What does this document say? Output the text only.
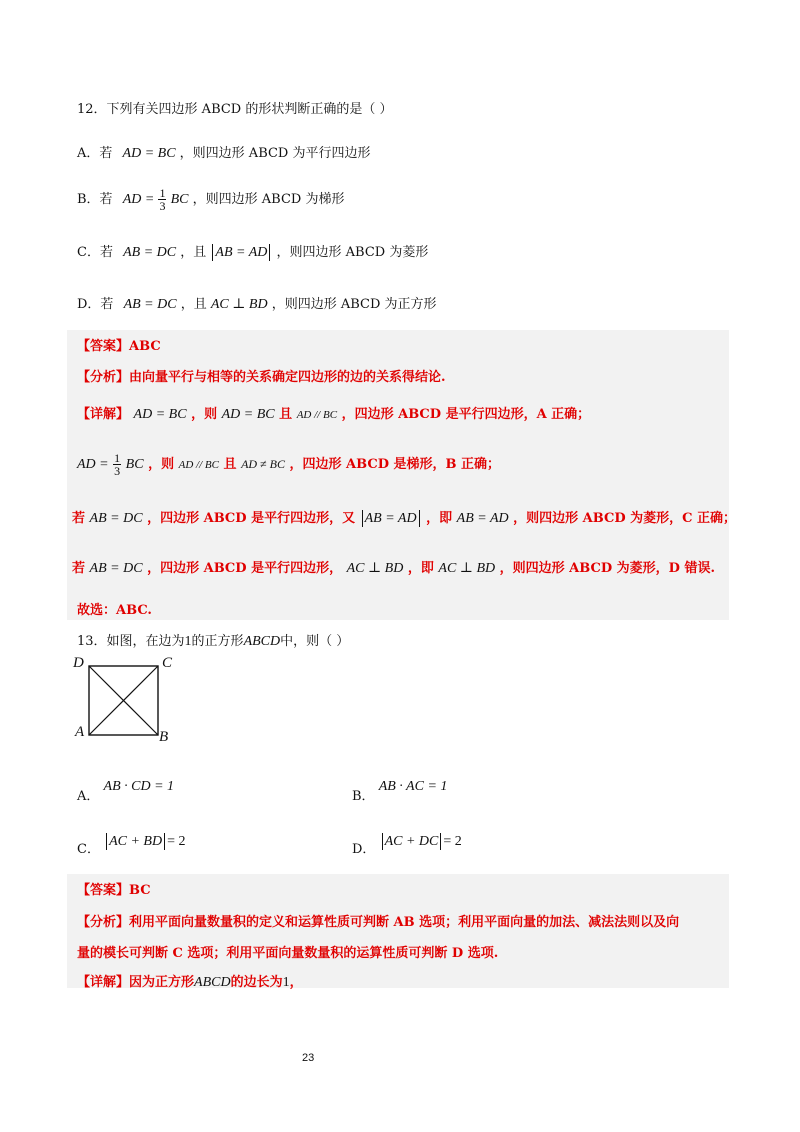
12．下列有关四边形 ABCD 的形状判断正确的是（ ）
A．若 AD = BC ，则四边形 ABCD 为平行四边形
B．若 AD = $\frac{1}{3}$ BC ，则四边形 ABCD 为梯形
C．若 AB = DC ，且 AB = AD ，则四边形 ABCD 为菱形
D．若 AB = DC ，且 AC ⊥ BD ，则四边形 ABCD 为正方形
【答案】ABC
【分析】由向量平行与相等的关系确定四边形的边的关系得结论.
【详解】 AD = BC ，则 AD = BC 且 AD // BC ，四边形 ABCD 是平行四边形，A 正确；
AD = $\frac{1}{3}$ BC ，则 AD // BC 且 AD ≠ BC ，四边形 ABCD 是梯形，B 正确；
若 AB = DC ，四边形 ABCD 是平行四边形，又 AB = AD ，即 AB = AD ，则四边形 ABCD 为菱形，C 正确；
若 AB = DC ，四边形 ABCD 是平行四边形， AC ⊥ BD ，即 AC ⊥ BD ，则四边形 ABCD 为菱形，D 错误.
故选：ABC.
13．如图，在边为1的正方形ABCD中，则（ ）
D	C
A	B
A． AB · CD = 1
B． AB · AC = 1
C． AC + BD = 2
D． AC + DC = 2
【答案】BC
【分析】利用平面向量数量积的定义和运算性质可判断 AB 选项；利用平面向量的加法、减法法则以及向
量的模长可判断 C 选项；利用平面向量数量积的运算性质可判断 D 选项.
【详解】因为正方形ABCD的边长为1，
23
